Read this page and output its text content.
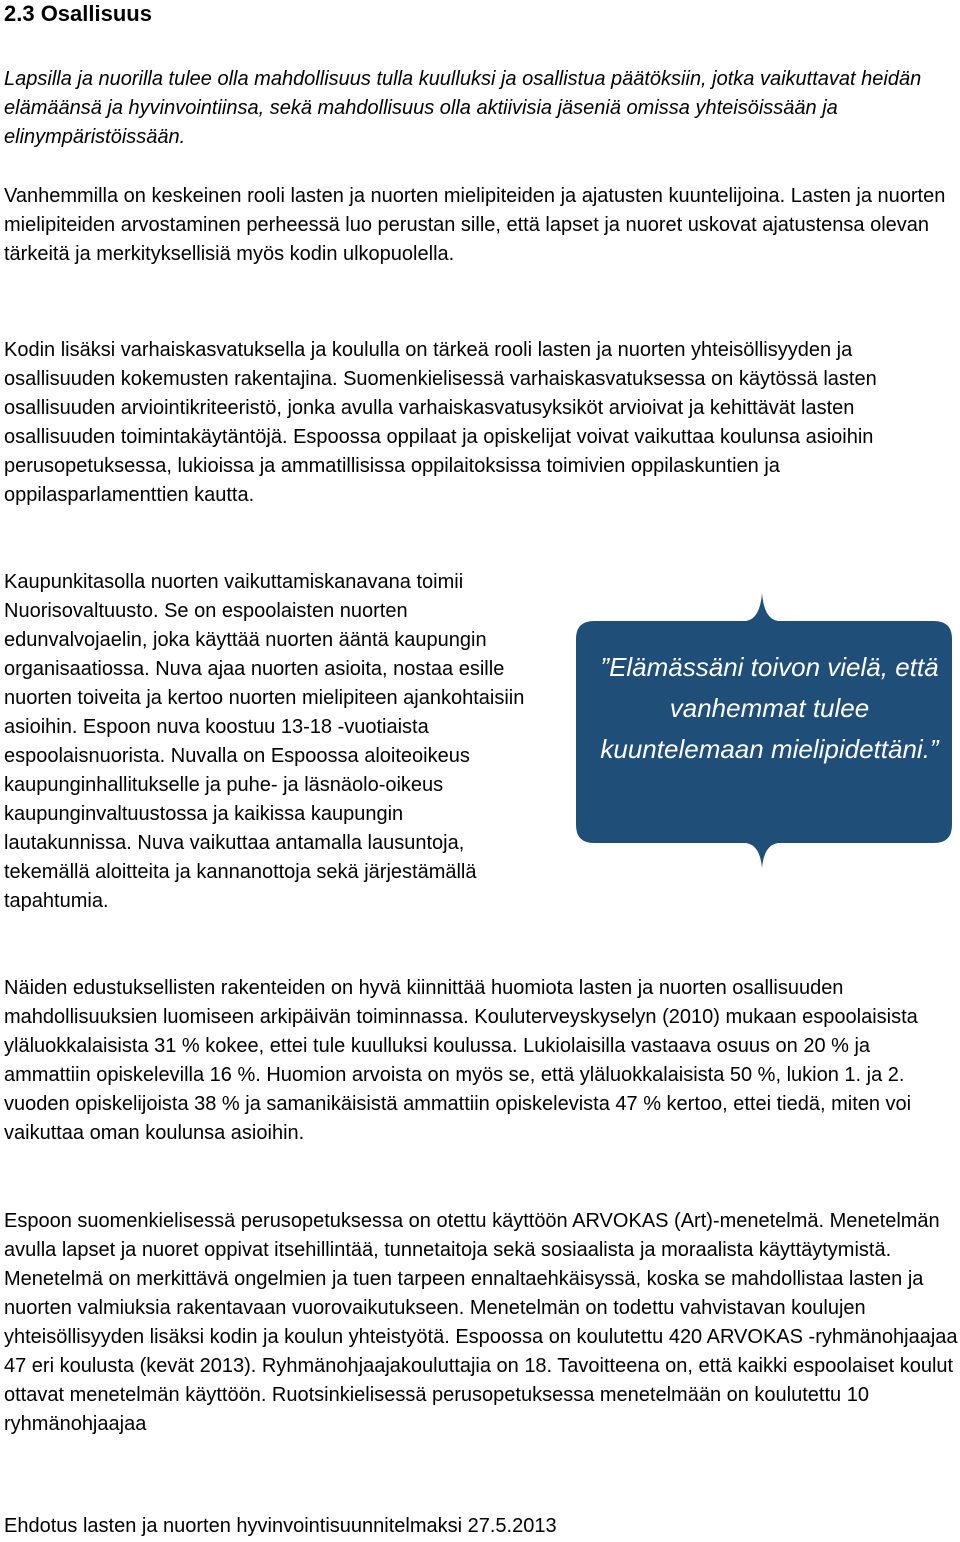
2.3 Osallisuus

Lapsilla ja nuorilla tulee olla mahdollisuus tulla kuulluksi ja osallistua päätöksiin, jotka vaikuttavat heidän elämäänsä ja hyvinvointiinsa, sekä mahdollisuus olla aktiivisia jäseniä omissa yhteisöissään ja elinympäristöissään.

Vanhemmilla on keskeinen rooli lasten ja nuorten mielipiteiden ja ajatusten kuuntelijoina. Lasten ja nuorten mielipiteiden arvostaminen perheessä luo perustan sille, että lapset ja nuoret uskovat ajatustensa olevan tärkeitä ja merkityksellisiä myös kodin ulkopuolella.

Kodin lisäksi varhaiskasvatuksella ja koululla on tärkeä rooli lasten ja nuorten yhteisöllisyyden ja osallisuuden kokemusten rakentajina. Suomenkielisessä varhaiskasvatuksessa on käytössä lasten osallisuuden arviointikriteeristö, jonka avulla varhaiskasvatusyksiköt arvioivat ja kehittävät lasten osallisuuden toimintakäytäntöjä. Espoossa oppilaat ja opiskelijat voivat vaikuttaa koulunsa asioihin perusopetuksessa, lukioissa ja ammatillisissa oppilaitoksissa toimivien oppilaskuntien ja oppilasparlamenttien kautta.

Kaupunkitasolla nuorten vaikuttamiskanavana toimii Nuorisovaltuusto. Se on espoolaisten nuorten edunvalvojaelin, joka käyttää nuorten ääntä kaupungin organisaatiossa. Nuva ajaa nuorten asioita, nostaa esille nuorten toiveita ja kertoo nuorten mielipiteen ajankohtaisiin asioihin. Espoon nuva koostuu 13-18 -vuotiaista espoolaisnuorista. Nuvalla on Espoossa aloiteoikeus kaupunginhallitukselle ja puhe- ja läsnäolo-oikeus kaupunginvaltuustossa ja kaikissa kaupungin lautakunnissa. Nuva vaikuttaa antamalla lausuntoja, tekemällä aloitteita ja kannanottoja sekä järjestämällä tapahtumia.

Näiden edustuksellisten rakenteiden on hyvä kiinnittää huomiota lasten ja nuorten osallisuuden mahdollisuuksien luomiseen arkipäivän toiminnassa. Kouluterveyskyselyn (2010) mukaan espoolaisista yläluokkalaisista 31 % kokee, ettei tule kuulluksi koulussa. Lukiolaisilla vastaava osuus on 20 % ja ammattiin opiskelevilla 16 %. Huomion arvoista on myös se, että yläluokkalaisista 50 %, lukion 1. ja 2. vuoden opiskelijoista 38 % ja samanikäisistä ammattiin opiskelevista 47 % kertoo, ettei tiedä, miten voi vaikuttaa oman koulunsa asioihin.

Espoon suomenkielisessä perusopetuksessa on otettu käyttöön ARVOKAS (Art)-menetelmä. Menetelmän avulla lapset ja nuoret oppivat itsehillintää, tunnetaitoja sekä sosiaalista ja moraalista käyttäytymistä. Menetelmä on merkittävä ongelmien ja tuen tarpeen ennaltaehkäisyssä, koska se mahdollistaa lasten ja nuorten valmiuksia rakentavaan vuorovaikutukseen. Menetelmän on todettu vahvistavan koulujen yhteisöllisyyden lisäksi kodin ja koulun yhteistyötä. Espoossa on koulutettu 420 ARVOKAS -ryhmänohjaajaa 47 eri koulusta (kevät 2013). Ryhmänohjaajakouluttajia on 18. Tavoitteena on, että kaikki espoolaiset koulut ottavat menetelmän käyttöön. Ruotsinkielisessä perusopetuksessa menetelmään on koulutettu 10 ryhmänohjaajaa

”Elämässäni toivon vielä, että vanhemmat tulee kuuntelemaan mielipidettäni.”

Ehdotus lasten ja nuorten hyvinvointisuunnitelmaksi 27.5.2013
